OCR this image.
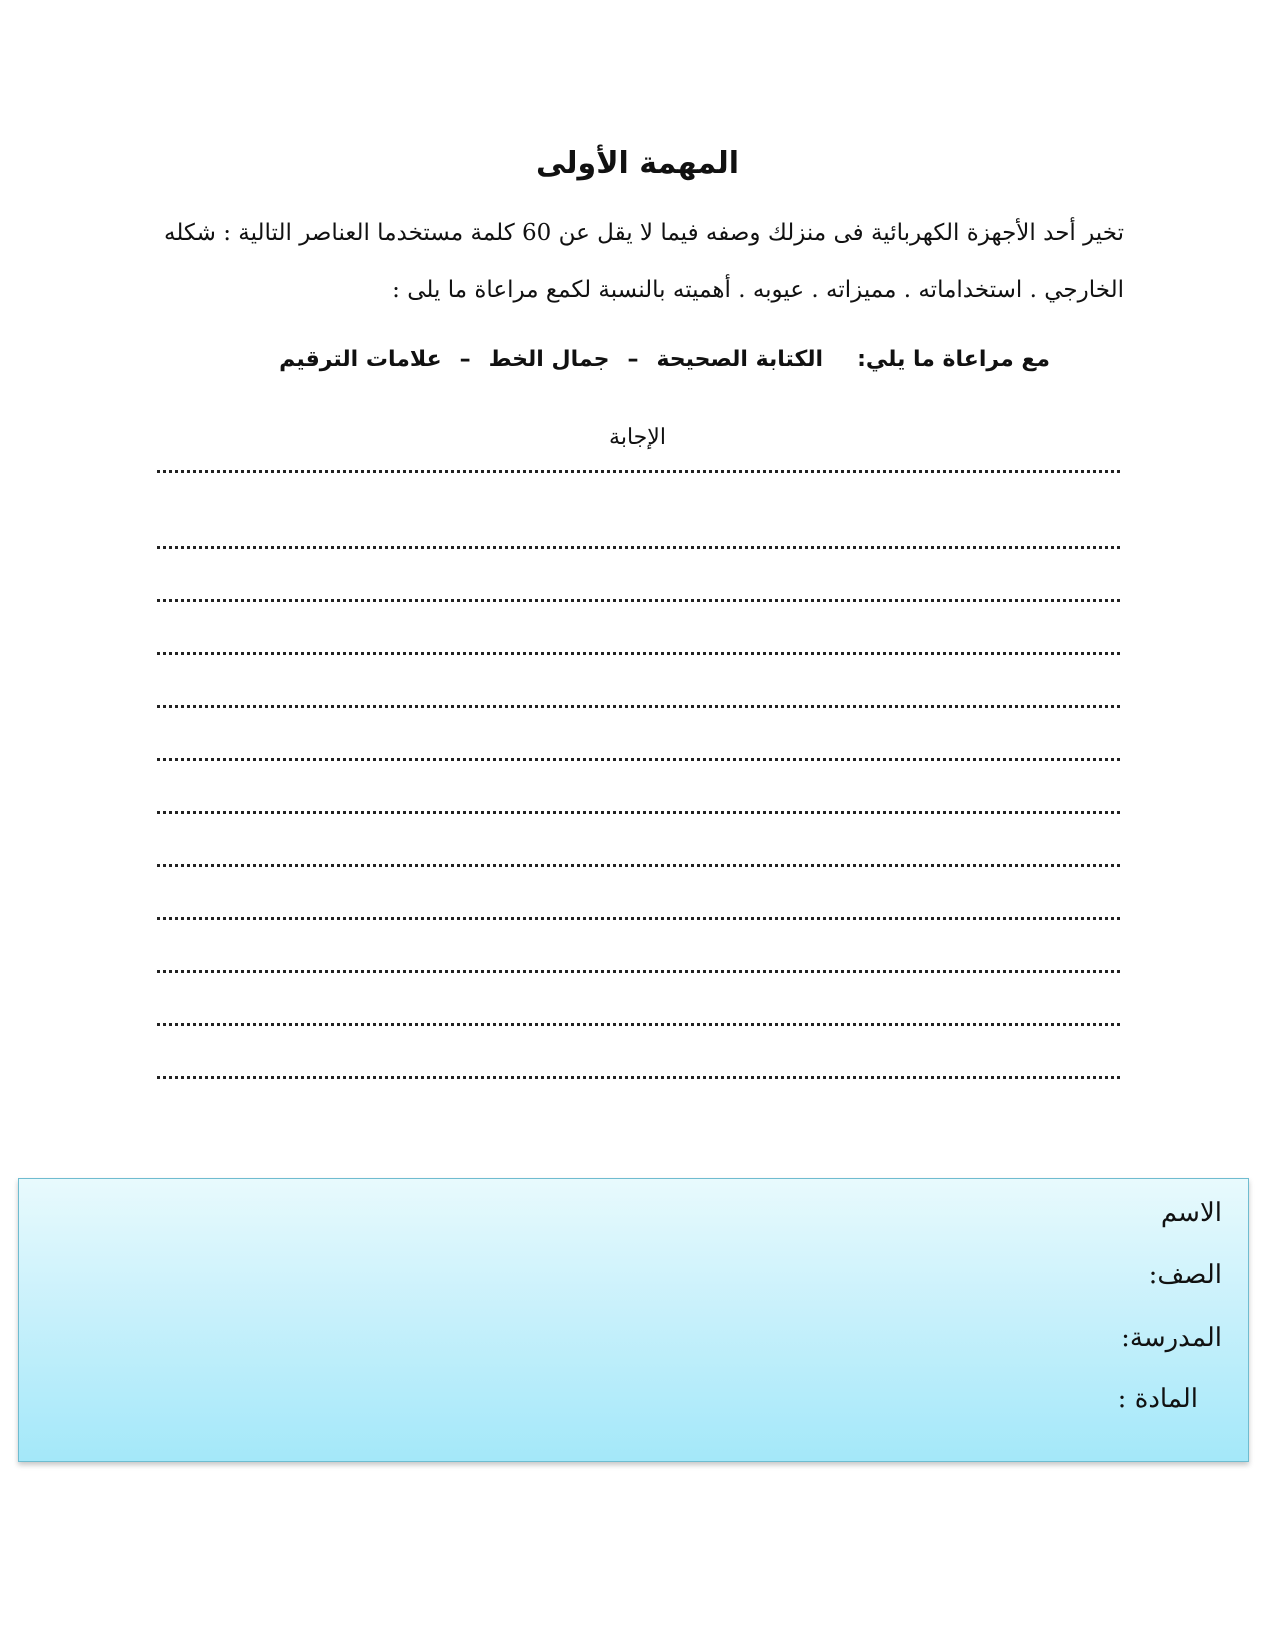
المهمة الأولى

تخير أحد الأجهزة الكهربائية فى منزلك وصفه فيما لا يقل عن 60 كلمة مستخدما العناصر التالية : شكله

الخارجي . استخداماته . مميزاته . عيوبه . أهميته بالنسبة لكمع مراعاة ما يلى :

مع مراعاة ما يلي:الكتابة الصحيحة–جمال الخط–علامات الترقيم
الإجابة
الاسم
الصف:
المدرسة:
المادة :
